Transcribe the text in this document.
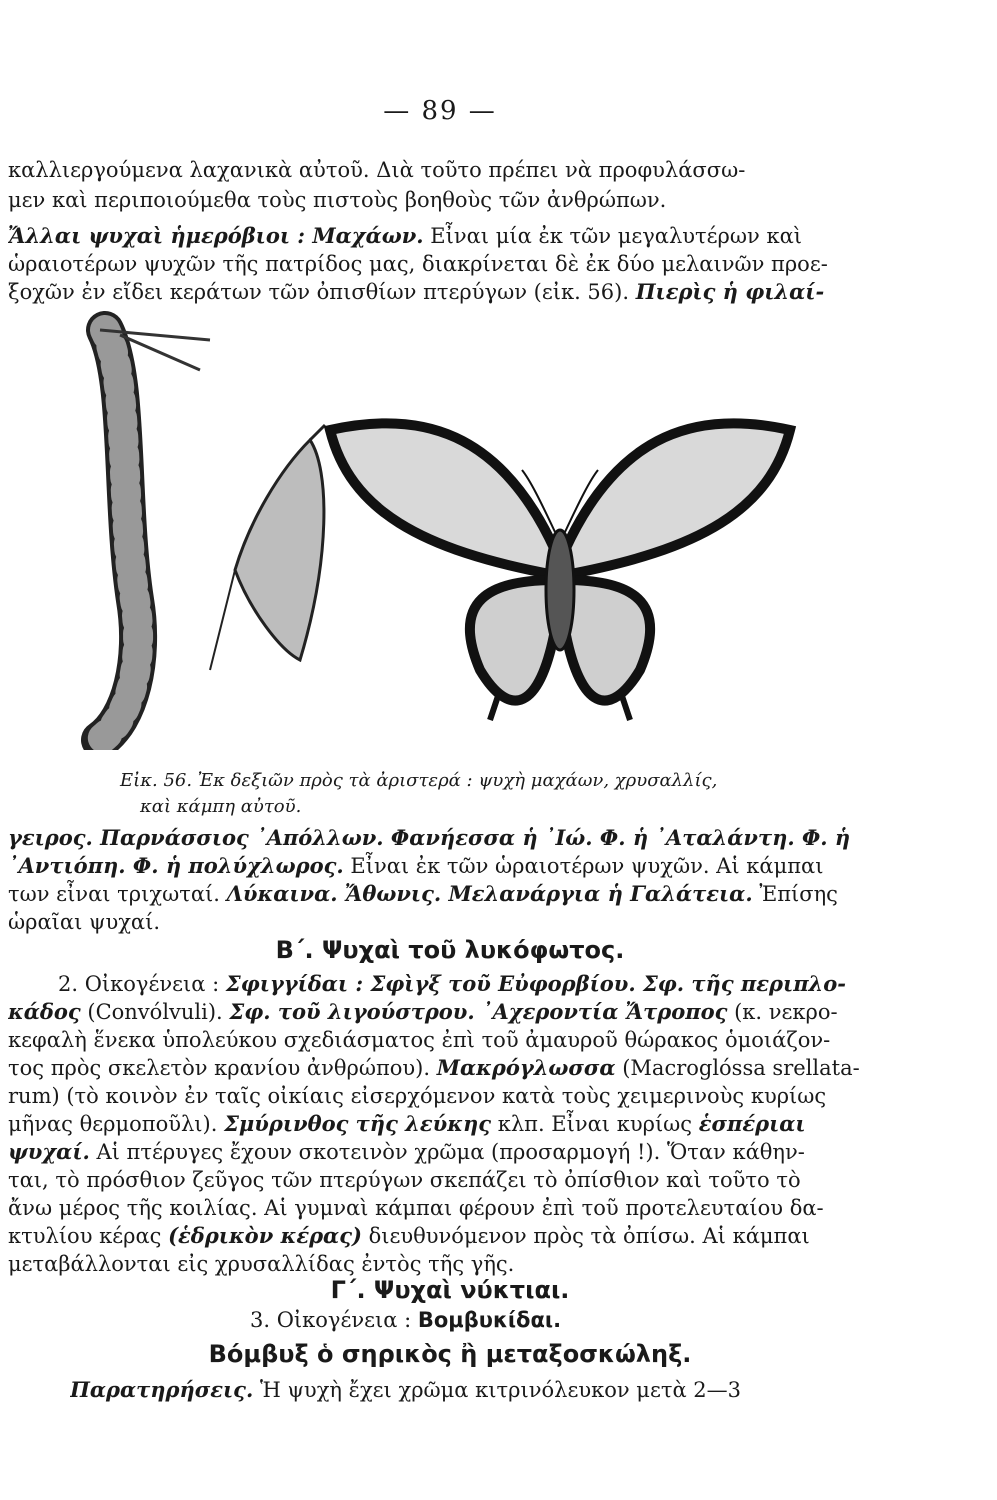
— 89 —
καλλιεργούμενα λαχανικὰ αὐτοῦ. Διὰ τοῦτο πρέπει νὰ προφυλάσσω-
μεν καὶ περιποιούμεθα τοὺς πιστοὺς βοηθοὺς τῶν ἀνθρώπων.
Ἄλλαι ψυχαὶ ἡμερόβιοι : Μαχάων. Εἶναι μία ἐκ τῶν μεγαλυτέρων καὶ
ὡραιοτέρων ψυχῶν τῆς πατρίδος μας, διακρίνεται δὲ ἐκ δύο μελαινῶν προε-
ξοχῶν ἐν εἴδει κεράτων τῶν ὀπισθίων πτερύγων (εἰκ. 56). Πιερὶς ἡ φιλαί-
Εἰκ. 56. Ἐκ δεξιῶν πρὸς τὰ ἀριστερά : ψυχὴ μαχάων, χρυσαλλίς,
καὶ κάμπη αὐτοῦ.
γειρος. Παρνάσσιος ᾿Απόλλων. Φανήεσσα ἡ ᾿Ιώ. Φ. ἡ ᾿Αταλάντη. Φ. ἡ
᾿Αντιόπη. Φ. ἡ πολύχλωρος. Εἶναι ἐκ τῶν ὡραιοτέρων ψυχῶν. Αἱ κάμπαι
των εἶναι τριχωταί. Λύκαινα. Ἄθωνις. Μελανάργια ἡ Γαλάτεια. Ἐπίσης
ὡραῖαι ψυχαί.
Β΄. Ψυχαὶ τοῦ λυκόφωτος.
2. Οἰκογένεια : Σφιγγίδαι : Σφὶγξ τοῦ Εὐφορβίου. Σφ. τῆς περιπλο-
κάδος (Convólvuli). Σφ. τοῦ λιγούστρου. ᾿Αχεροντία Ἄτροπος (κ. νεκρο-
κεφαλὴ ἕνεκα ὑπολεύκου σχεδιάσματος ἐπὶ τοῦ ἀμαυροῦ θώρακος ὁμοιάζον-
τος πρὸς σκελετὸν κρανίου ἀνθρώπου). Μακρόγλωσσα (Macroglóssa srellata-
rum) (τὸ κοινὸν ἐν ταῖς οἰκίαις εἰσερχόμενον κατὰ τοὺς χειμερινοὺς κυρίως
μῆνας θερμοποῦλι). Σμύρινθος τῆς λεύκης κλπ. Εἶναι κυρίως ἑσπέριαι
ψυχαί. Αἱ πτέρυγες ἔχουν σκοτεινὸν χρῶμα (προσαρμογή !). Ὅταν κάθην-
ται, τὸ πρόσθιον ζεῦγος τῶν πτερύγων σκεπάζει τὸ ὀπίσθιον καὶ τοῦτο τὸ
ἄνω μέρος τῆς κοιλίας. Αἱ γυμναὶ κάμπαι φέρουν ἐπὶ τοῦ προτελευταίου δα-
κτυλίου κέρας (ἑδρικὸν κέρας) διευθυνόμενον πρὸς τὰ ὀπίσω. Αἱ κάμπαι
μεταβάλλονται εἰς χρυσαλλίδας ἐντὸς τῆς γῆς.
Γ΄. Ψυχαὶ νύκτιαι.
3. Οἰκογένεια : Βομβυκίδαι.
Βόμβυξ ὁ σηρικὸς ἢ μεταξοσκώληξ.
Παρατηρήσεις. Ἡ ψυχὴ ἔχει χρῶμα κιτρινόλευκον μετὰ 2—3
